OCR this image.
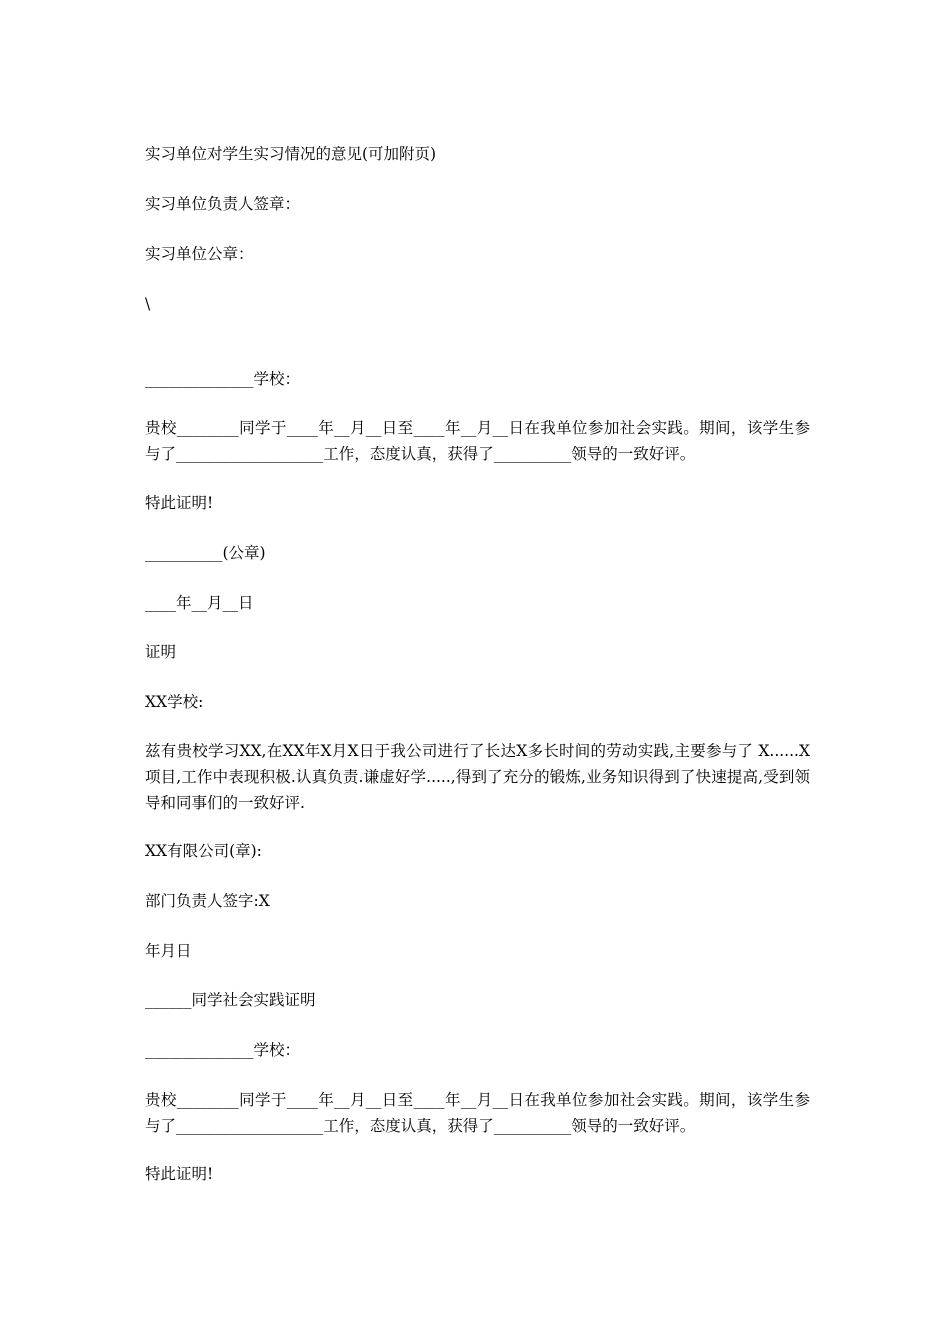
实习单位对学生实习情况的意见(可加附页)

实习单位负责人签章：

实习单位公章：

\

______________学校：

贵校________同学于____年__月__日至____年__月__日在我单位参加社会实践。期间，该学生参与了___________________工作，态度认真，获得了__________领导的一致好评。

特此证明!

__________(公章)

____年__月__日

证明

XX学校:

兹有贵校学习XX,在XX年X月X日于我公司进行了长达X多长时间的劳动实践,主要参与了 X......X 项目,工作中表现积极.认真负责.谦虚好学.....,得到了充分的锻炼,业务知识得到了快速提高,受到领导和同事们的一致好评.

XX有限公司(章):

部门负责人签字:X

年月日

______同学社会实践证明

______________学校：

贵校________同学于____年__月__日至____年__月__日在我单位参加社会实践。期间，该学生参与了___________________工作，态度认真，获得了__________领导的一致好评。

特此证明!
